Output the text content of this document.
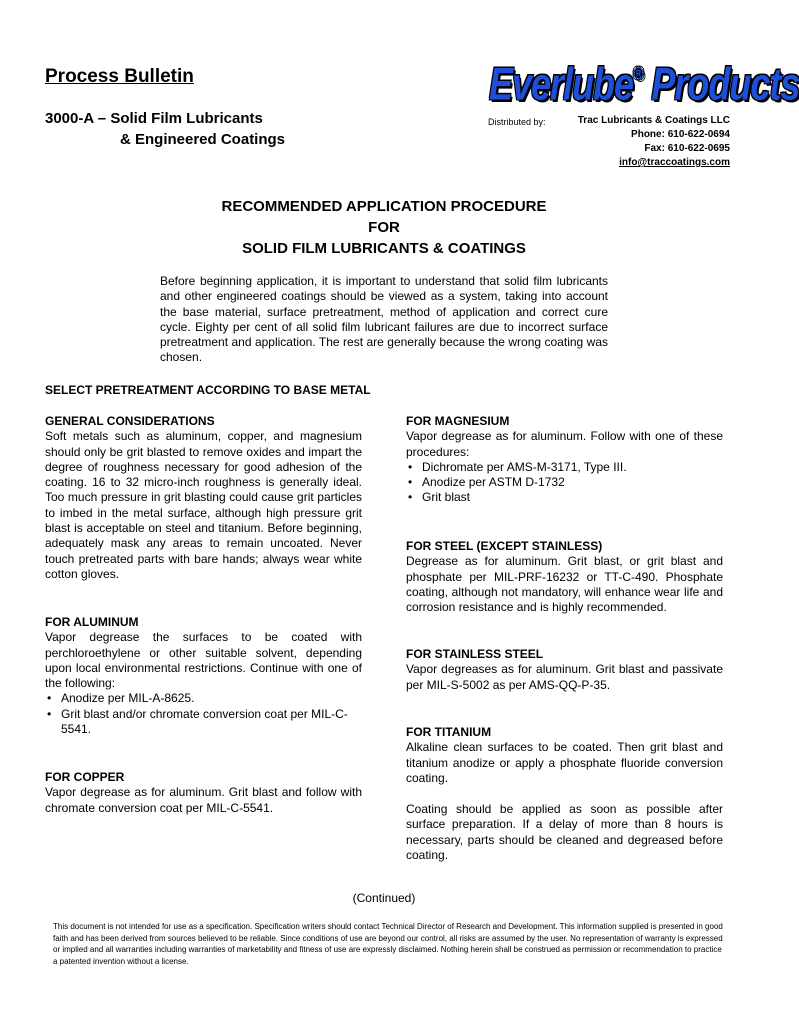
Process Bulletin
3000-A – Solid Film Lubricants
& Engineered Coatings
Everlube® Products
Distributed by:	Trac Lubricants & Coatings LLC
Phone: 610-622-0694
Fax: 610-622-0695
info@traccoatings.com
RECOMMENDED APPLICATION PROCEDURE
FOR
SOLID FILM LUBRICANTS & COATINGS
Before beginning application, it is important to understand that solid film lubricants and other engineered coatings should be viewed as a system, taking into account the base material, surface pretreatment, method of application and correct cure cycle. Eighty per cent of all solid film lubricant failures are due to incorrect surface pretreatment and application. The rest are generally because the wrong coating was chosen.
SELECT PRETREATMENT ACCORDING TO BASE METAL
GENERAL CONSIDERATIONS
Soft metals such as aluminum, copper, and magnesium should only be grit blasted to remove oxides and impart the degree of roughness necessary for good adhesion of the coating. 16 to 32 micro-inch roughness is generally ideal. Too much pressure in grit blasting could cause grit particles to imbed in the metal surface, although high pressure grit blast is acceptable on steel and titanium. Before beginning, adequately mask any areas to remain uncoated. Never touch pretreated parts with bare hands; always wear white cotton gloves.
FOR ALUMINUM
Vapor degrease the surfaces to be coated with perchloroethylene or other suitable solvent, depending upon local environmental restrictions. Continue with one of the following:
• Anodize per MIL-A-8625.
• Grit blast and/or chromate conversion coat per MIL-C-5541.
FOR COPPER
Vapor degrease as for aluminum. Grit blast and follow with chromate conversion coat per MIL-C-5541.
FOR MAGNESIUM
Vapor degrease as for aluminum. Follow with one of these procedures:
• Dichromate per AMS-M-3171, Type III.
• Anodize per ASTM D-1732
• Grit blast
FOR STEEL (EXCEPT STAINLESS)
Degrease as for aluminum. Grit blast, or grit blast and phosphate per MIL-PRF-16232 or TT-C-490. Phosphate coating, although not mandatory, will enhance wear life and corrosion resistance and is highly recommended.
FOR STAINLESS STEEL
Vapor degreases as for aluminum. Grit blast and passivate per MIL-S-5002 as per AMS-QQ-P-35.
FOR TITANIUM
Alkaline clean surfaces to be coated. Then grit blast and titanium anodize or apply a phosphate fluoride conversion coating.
Coating should be applied as soon as possible after surface preparation. If a delay of more than 8 hours is necessary, parts should be cleaned and degreased before coating.
(Continued)
This document is not intended for use as a specification. Specification writers should contact Technical Director of Research and Development. This information supplied is presented in good faith and has been derived from sources believed to be reliable. Since conditions of use are beyond our control, all risks are assumed by the user. No representation of warranty is expressed or implied and all warranties including warranties of marketability and fitness of use are expressly disclaimed. Nothing herein shall be construed as permission or recommendation to practice a patented invention without a license.
